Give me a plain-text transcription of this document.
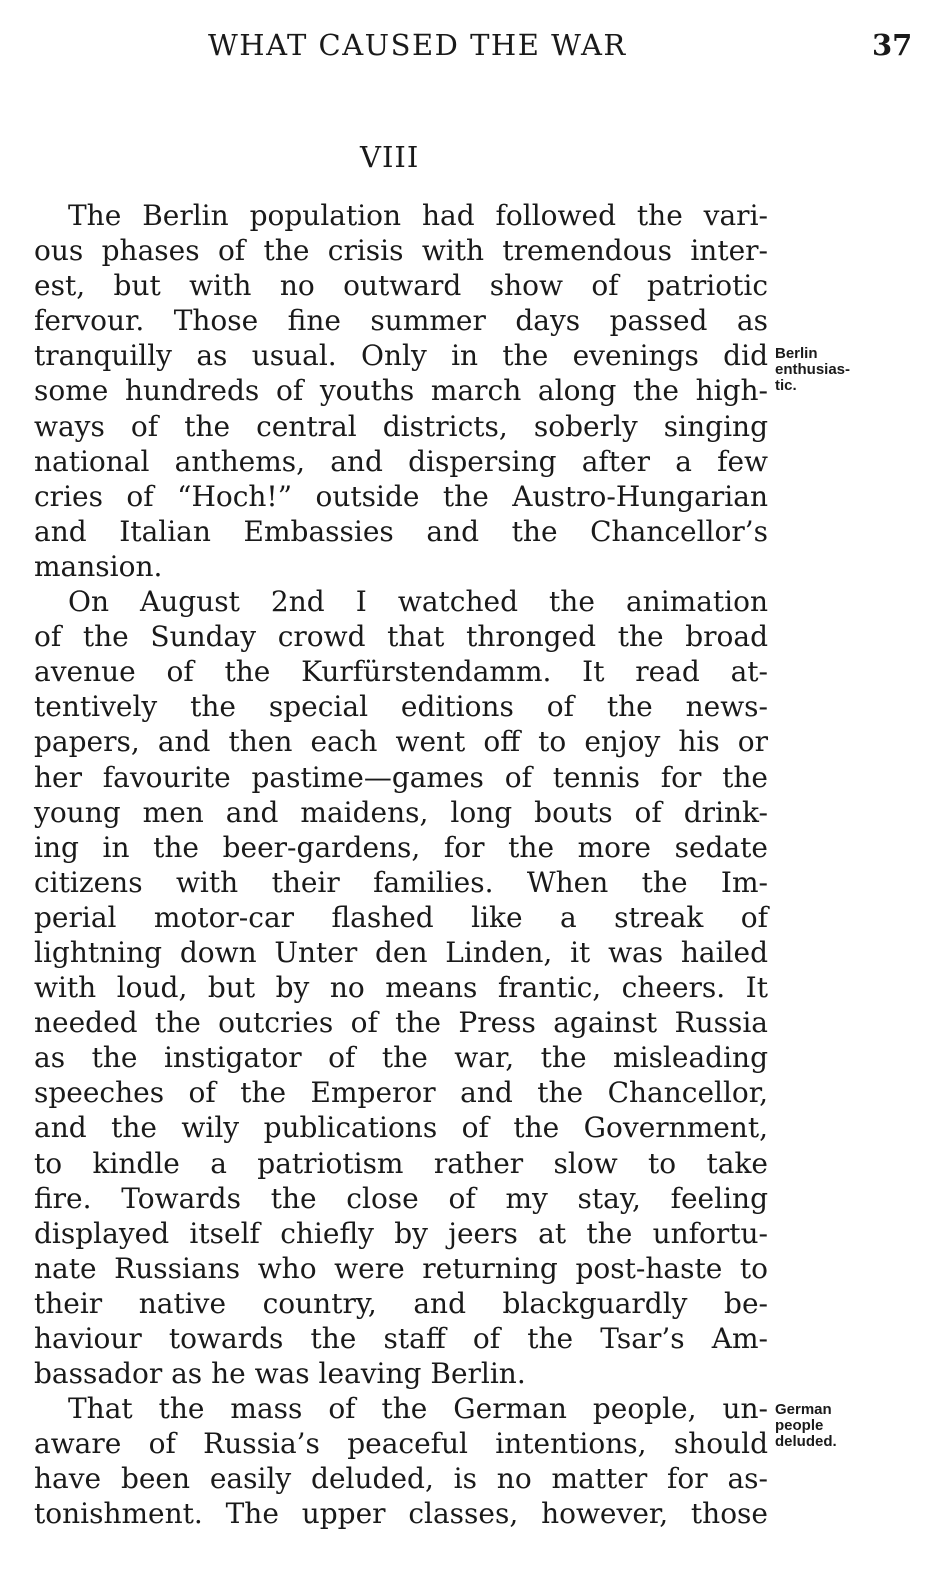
WHAT CAUSED THE WAR	37
VIII
The Berlin population had followed the vari-
ous phases of the crisis with tremendous inter-
est, but with no outward show of patriotic
fervour. Those fine summer days passed as
tranquilly as usual. Only in the evenings did
some hundreds of youths march along the high-
ways of the central districts, soberly singing
national anthems, and dispersing after a few
cries of “Hoch!” outside the Austro-Hungarian
and Italian Embassies and the Chancellor’s
mansion.
On August 2nd I watched the animation
of the Sunday crowd that thronged the broad
avenue of the Kurfürstendamm. It read at-
tentively the special editions of the news-
papers, and then each went off to enjoy his or
her favourite pastime—games of tennis for the
young men and maidens, long bouts of drink-
ing in the beer-gardens, for the more sedate
citizens with their families. When the Im-
perial motor-car flashed like a streak of
lightning down Unter den Linden, it was hailed
with loud, but by no means frantic, cheers. It
needed the outcries of the Press against Russia
as the instigator of the war, the misleading
speeches of the Emperor and the Chancellor,
and the wily publications of the Government,
to kindle a patriotism rather slow to take
fire. Towards the close of my stay, feeling
displayed itself chiefly by jeers at the unfortu-
nate Russians who were returning post-haste to
their native country, and blackguardly be-
haviour towards the staff of the Tsar’s Am-
bassador as he was leaving Berlin.
That the mass of the German people, un-
aware of Russia’s peaceful intentions, should
have been easily deluded, is no matter for as-
tonishment. The upper classes, however, those
Berlin
enthusias-
tic.
German
people
deluded.
